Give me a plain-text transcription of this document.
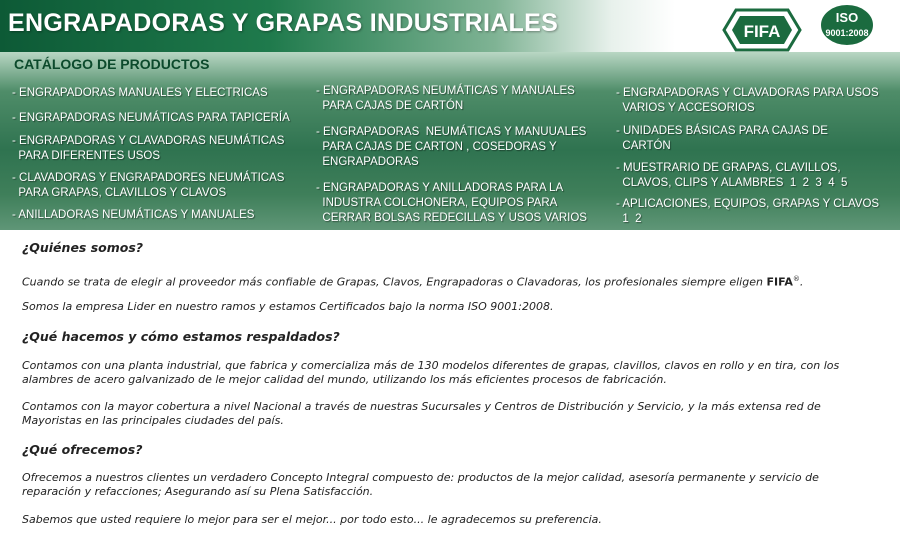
ENGRAPADORAS Y GRAPAS INDUSTRIALES	FIFA
ISO
9001:2008
CATÁLOGO DE PRODUCTOS
- ENGRAPADORAS MANUALES Y ELECTRICAS
- ENGRAPADORAS NEUMÁTICAS PARA TAPICERÍA
- ENGRAPADORAS Y CLAVADORAS NEUMÁTICAS
PARA DIFERENTES USOS
- CLAVADORAS Y ENGRAPADORES NEUMÁTICAS
PARA GRAPAS, CLAVILLOS Y CLAVOS
- ANILLADORAS NEUMÁTICAS Y MANUALES
- ENGRAPADORAS NEUMÁTICAS Y MANUALES
PARA CAJAS DE CARTÓN
- ENGRAPADORAS  NEUMÁTICAS Y MANUUALES
PARA CAJAS DE CARTON , COSEDORAS Y
ENGRAPADORAS
- ENGRAPADORAS Y ANILLADORAS PARA LA
INDUSTRA COLCHONERA, EQUIPOS PARA
CERRAR BOLSAS REDECILLAS Y USOS VARIOS
- ENGRAPADORAS Y CLAVADORAS PARA USOS
VARIOS Y ACCESORIOS
- UNIDADES BÁSICAS PARA CAJAS DE
CARTÓN
- MUESTRARIO DE GRAPAS, CLAVILLOS,
CLAVOS, CLIPS Y ALAMBRES  1  2  3  4  5
- APLICACIONES, EQUIPOS, GRAPAS Y CLAVOS
1  2
¿Quiénes somos?
Cuando se trata de elegir al proveedor más confiable de Grapas, Clavos, Engrapadoras o Clavadoras, los profesionales siempre eligen FIFA®.
Somos la empresa Lider en nuestro ramos y estamos Certificados bajo la norma ISO 9001:2008.
¿Qué hacemos y cómo estamos respaldados?
Contamos con una planta industrial, que fabrica y comercializa más de 130 modelos diferentes de grapas, clavillos, clavos en rollo y en tira, con los alambres de acero galvanizado de le mejor calidad del mundo, utilizando los más eficientes procesos de fabricación.
Contamos con la mayor cobertura a nivel Nacional a través de nuestras Sucursales y Centros de Distribución y Servicio, y la más extensa red de Mayoristas en las principales ciudades del país.
¿Qué ofrecemos?
Ofrecemos a nuestros clientes un verdadero Concepto Integral compuesto de: productos de la mejor calidad, asesoría permanente y servicio de reparación y refacciones; Asegurando así su Plena Satisfacción.
Sabemos que usted requiere lo mejor para ser el mejor... por todo esto... le agradecemos su preferencia.
